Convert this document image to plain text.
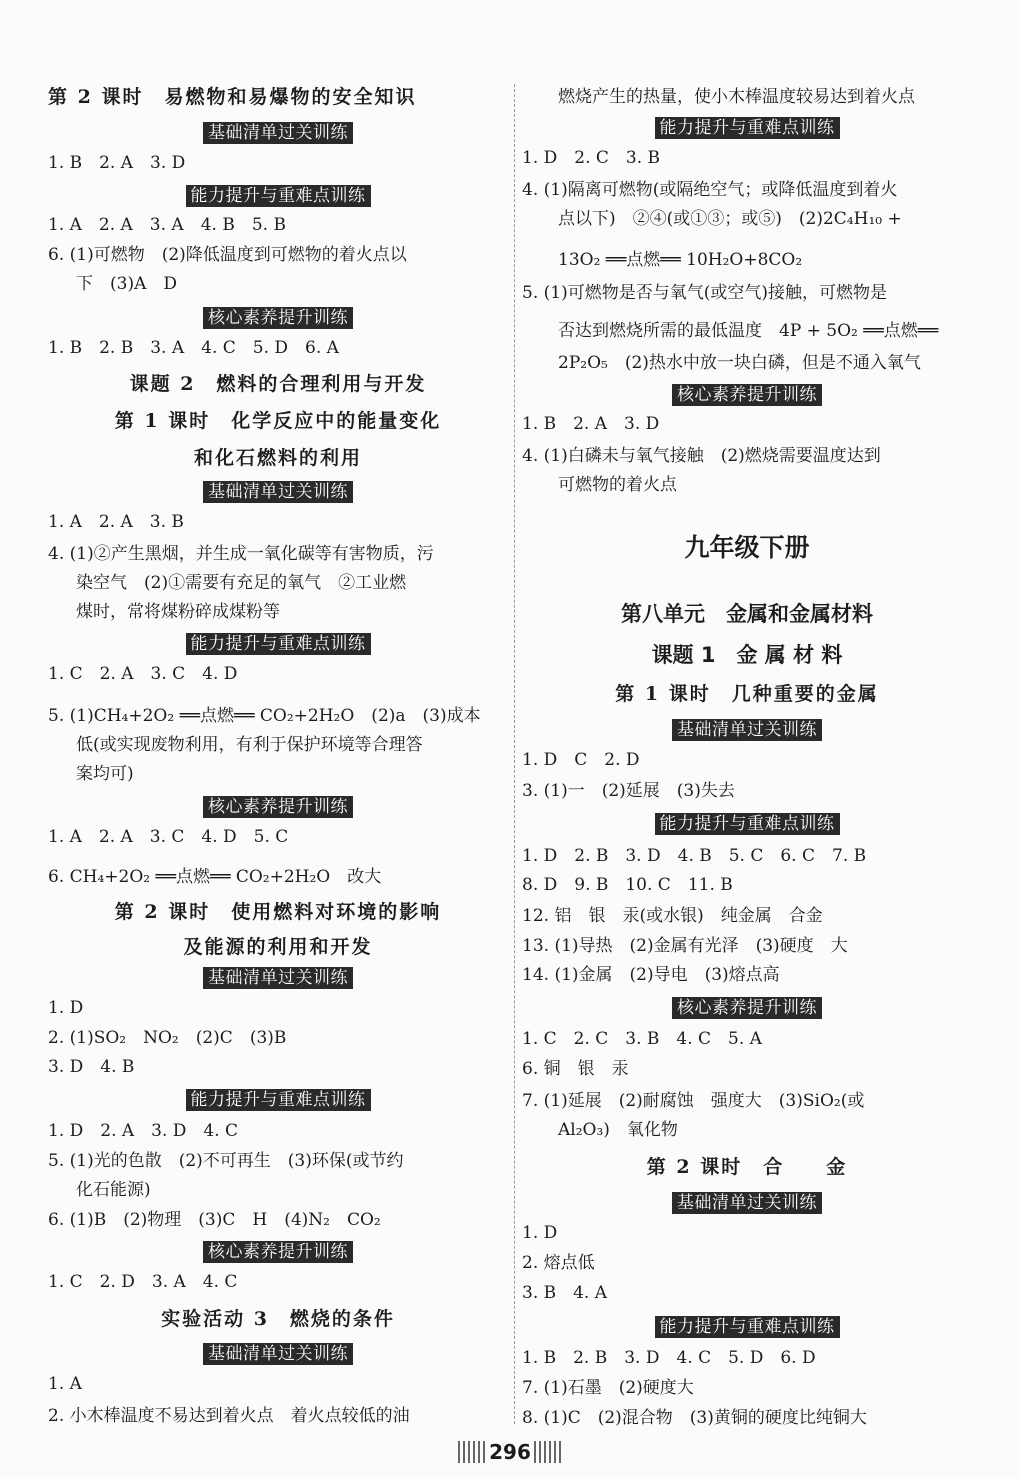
第 2 课时　易燃物和易爆物的安全知识
基础清单过关训练
1. B　2. A　3. D
能力提升与重难点训练
1. A　2. A　3. A　4. B　5. B
6. (1)可燃物　(2)降低温度到可燃物的着火点以
下　(3)A　D
核心素养提升训练
1. B　2. B　3. A　4. C　5. D　6. A
课题 2　燃料的合理利用与开发
第 1 课时　化学反应中的能量变化
和化石燃料的利用
基础清单过关训练
1. A　2. A　3. B
4. (1)②产生黑烟，并生成一氧化碳等有害物质，污
染空气　(2)①需要有充足的氧气　②工业燃
煤时，常将煤粉碎成煤粉等
能力提升与重难点训练
1. C　2. A　3. C　4. D
5. (1)CH₄+2O₂ ══点燃══ CO₂+2H₂O　(2)a　(3)成本
低(或实现废物利用，有利于保护环境等合理答
案均可)
核心素养提升训练
1. A　2. A　3. C　4. D　5. C
6. CH₄+2O₂ ══点燃══ CO₂+2H₂O　改大
第 2 课时　使用燃料对环境的影响
及能源的利用和开发
基础清单过关训练
1. D
2. (1)SO₂　NO₂　(2)C　(3)B
3. D　4. B
能力提升与重难点训练
1. D　2. A　3. D　4. C
5. (1)光的色散　(2)不可再生　(3)环保(或节约
化石能源)
6. (1)B　(2)物理　(3)C　H　(4)N₂　CO₂
核心素养提升训练
1. C　2. D　3. A　4. C
实验活动 3　燃烧的条件
基础清单过关训练
1. A
2. 小木棒温度不易达到着火点　着火点较低的油
燃烧产生的热量，使小木棒温度较易达到着火点
能力提升与重难点训练
1. D　2. C　3. B
4. (1)隔离可燃物(或隔绝空气；或降低温度到着火
点以下)　②④(或①③；或⑤)　(2)2C₄H₁₀ +
13O₂ ══点燃══ 10H₂O+8CO₂
5. (1)可燃物是否与氧气(或空气)接触，可燃物是
否达到燃烧所需的最低温度　4P + 5O₂ ══点燃══
2P₂O₅　(2)热水中放一块白磷，但是不通入氧气
核心素养提升训练
1. B　2. A　3. D
4. (1)白磷未与氧气接触　(2)燃烧需要温度达到
可燃物的着火点
九年级下册
第八单元　金属和金属材料
课题 1　金 属 材 料
第 1 课时　几种重要的金属
基础清单过关训练
1. D　C　2. D
3. (1)一　(2)延展　(3)失去
能力提升与重难点训练
1. D　2. B　3. D　4. B　5. C　6. C　7. B
8. D　9. B　10. C　11. B
12. 铝　银　汞(或水银)　纯金属　合金
13. (1)导热　(2)金属有光泽　(3)硬度　大
14. (1)金属　(2)导电　(3)熔点高
核心素养提升训练
1. C　2. C　3. B　4. C　5. A
6. 铜　银　汞
7. (1)延展　(2)耐腐蚀　强度大　(3)SiO₂(或
Al₂O₃)　氧化物
第 2 课时　合　　金
基础清单过关训练
1. D
2. 熔点低
3. B　4. A
能力提升与重难点训练
1. B　2. B　3. D　4. C　5. D　6. D
7. (1)石墨　(2)硬度大
8. (1)C　(2)混合物　(3)黄铜的硬度比纯铜大
296
